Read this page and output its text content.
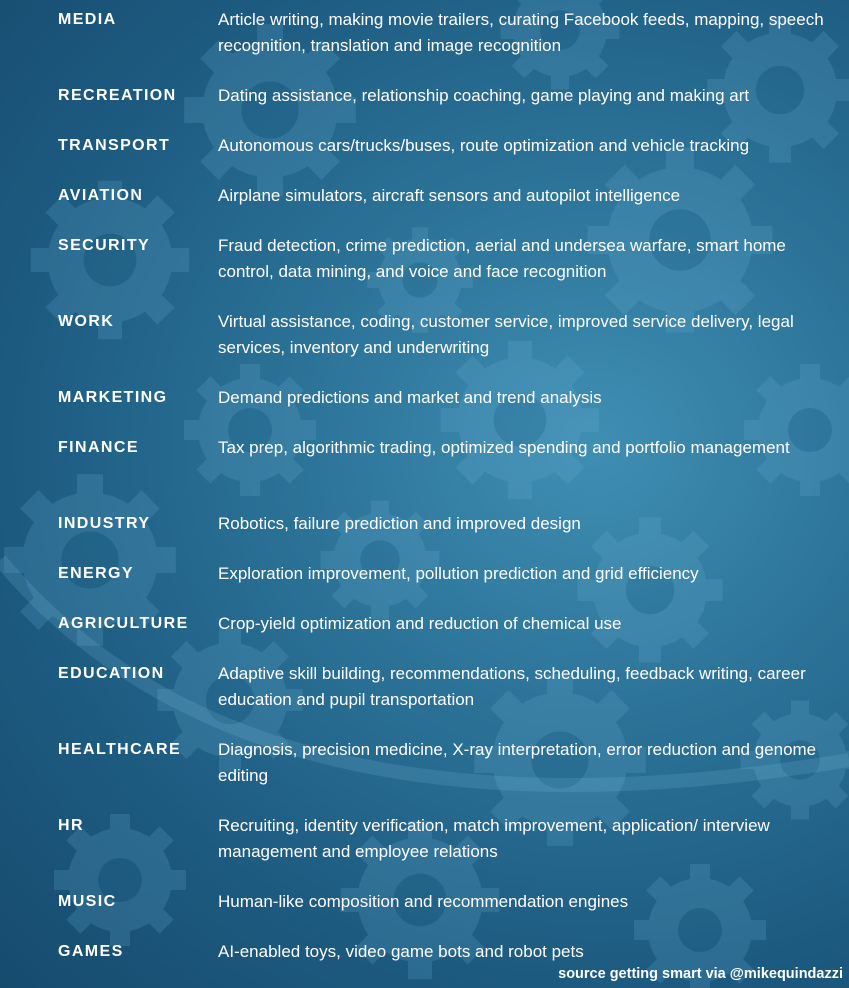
MEDIA	Article writing, making movie trailers, curating Facebook feeds, mapping, speech recognition, translation and image recognition
RECREATION Dating assistance, relationship coaching, game playing and making art
TRANSPORT	Autonomous cars/trucks/buses, route optimization and vehicle tracking
AVIATION	Airplane simulators, aircraft sensors and autopilot intelligence
SECURITY	Fraud detection, crime prediction, aerial and undersea warfare, smart home control, data mining, and voice and face recognition
WORK	Virtual assistance, coding, customer service, improved service delivery, legal services, inventory and underwriting
MARKETING	Demand predictions and market and trend analysis
FINANCE	Tax prep, algorithmic trading, optimized spending and portfolio management
INDUSTRY	Robotics, failure prediction and improved design
ENERGY	Exploration improvement, pollution prediction and grid efficiency
AGRICULTURE Crop-yield optimization and reduction of chemical use
EDUCATION	Adaptive skill building, recommendations, scheduling, feedback writing, career education and pupil transportation
HEALTHCARE Diagnosis, precision medicine, X-ray interpretation, error reduction and genome editing
HR	Recruiting, identity verification, match improvement, application/ interview management and employee relations
MUSIC	Human-like composition and recommendation engines
GAMES	AI-enabled toys, video game bots and robot pets
source getting smart via @mikequindazzi
